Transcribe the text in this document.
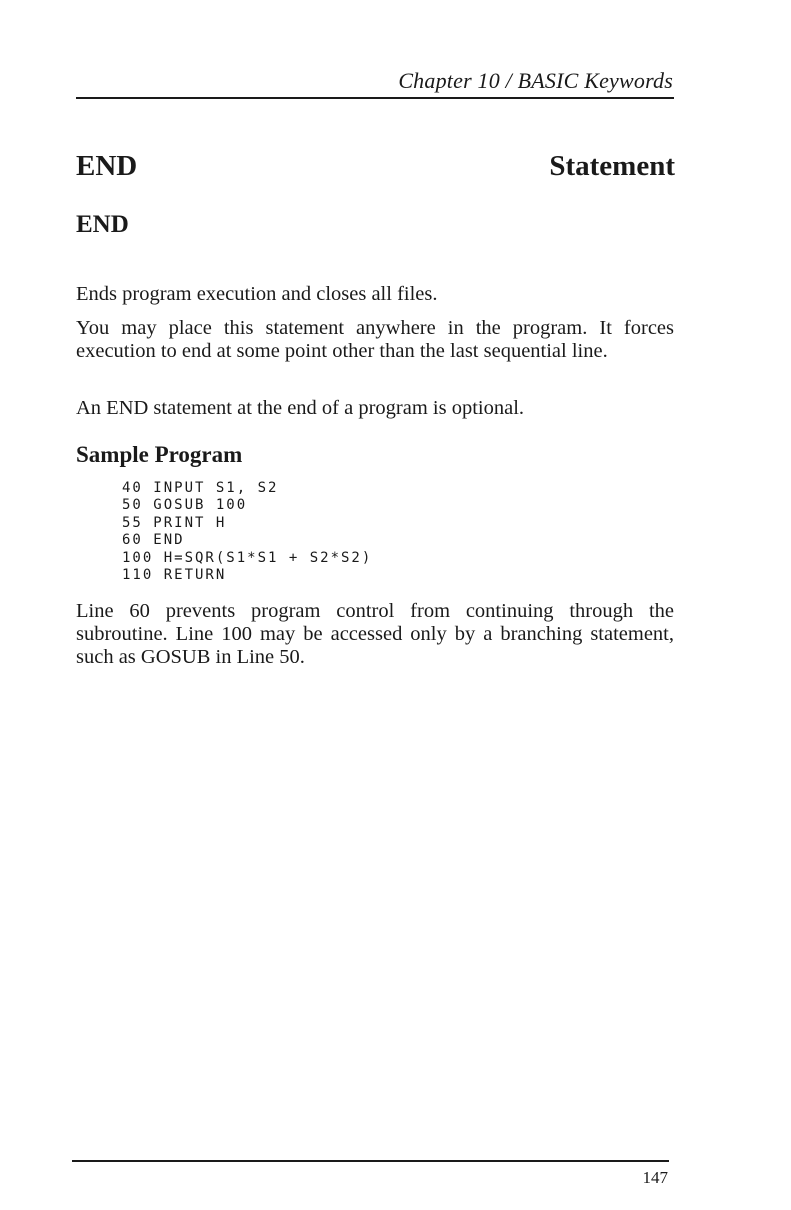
Chapter 10 / BASIC Keywords
END	Statement
END

Ends program execution and closes all files.

You may place this statement anywhere in the program. It forces execution to end at some point other than the last sequential line.

An END statement at the end of a program is optional.

Sample Program
40 INPUT S1, S2
50 GOSUB 100
55 PRINT H
60 END
100 H=SQR(S1*S1 + S2*S2)
110 RETURN

Line 60 prevents program control from continuing through the subroutine. Line 100 may be accessed only by a branching statement, such as GOSUB in Line 50.

147
